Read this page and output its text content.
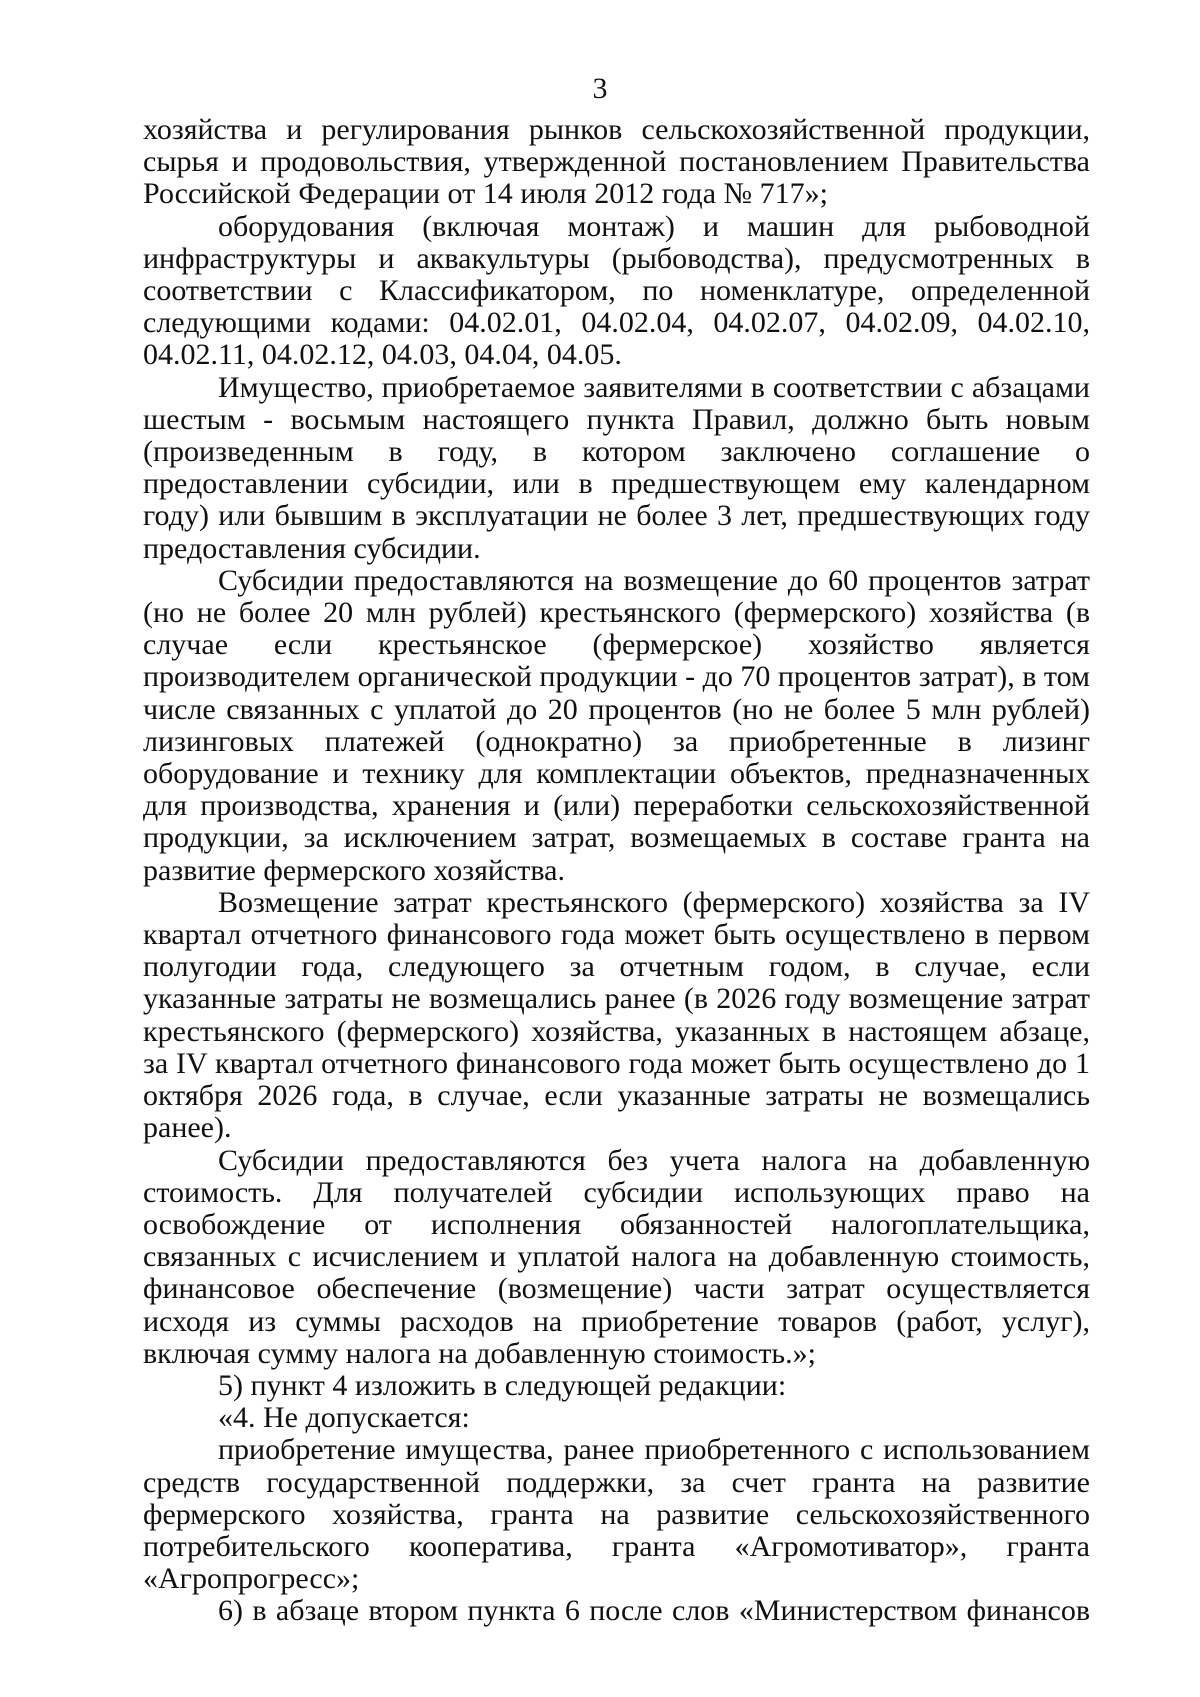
3

хозяйства и регулирования рынков сельскохозяйственной продукции, сырья и продовольствия, утвержденной постановлением Правительства Российской Федерации от 14 июля 2012 года № 717»;

оборудования (включая монтаж) и машин для рыбоводной инфраструктуры и аквакультуры (рыбоводства), предусмотренных в соответствии с Классификатором, по номенклатуре, определенной следующими кодами: 04.02.01, 04.02.04, 04.02.07, 04.02.09, 04.02.10, 04.02.11, 04.02.12, 04.03, 04.04, 04.05.

Имущество, приобретаемое заявителями в соответствии с абзацами шестым - восьмым настоящего пункта Правил, должно быть новым (произведенным в году, в котором заключено соглашение о предоставлении субсидии, или в предшествующем ему календарном году) или бывшим в эксплуатации не более 3 лет, предшествующих году предоставления субсидии.

Субсидии предоставляются на возмещение до 60 процентов затрат (но не более 20 млн рублей) крестьянского (фермерского) хозяйства (в случае если крестьянское (фермерское) хозяйство является производителем органической продукции - до 70 процентов затрат), в том числе связанных с уплатой до 20 процентов (но не более 5 млн рублей) лизинговых платежей (однократно) за приобретенные в лизинг оборудование и технику для комплектации объектов, предназначенных для производства, хранения и (или) переработки сельскохозяйственной продукции, за исключением затрат, возмещаемых в составе гранта на развитие фермерского хозяйства.

Возмещение затрат крестьянского (фермерского) хозяйства за IV квартал отчетного финансового года может быть осуществлено в первом полугодии года, следующего за отчетным годом, в случае, если указанные затраты не возмещались ранее (в 2026 году возмещение затрат крестьянского (фермерского) хозяйства, указанных в настоящем абзаце, за IV квартал отчетного финансового года может быть осуществлено до 1 октября 2026 года, в случае, если указанные затраты не возмещались ранее).

Субсидии предоставляются без учета налога на добавленную стоимость. Для получателей субсидии использующих право на освобождение от исполнения обязанностей налогоплательщика, связанных с исчислением и уплатой налога на добавленную стоимость, финансовое обеспечение (возмещение) части затрат осуществляется исходя из суммы расходов на приобретение товаров (работ, услуг), включая сумму налога на добавленную стоимость.»;

5) пункт 4 изложить в следующей редакции:

«4. Не допускается:

приобретение имущества, ранее приобретенного с использованием средств государственной поддержки, за счет гранта на развитие фермерского хозяйства, гранта на развитие сельскохозяйственного потребительского кооператива, гранта «Агромотиватор», гранта «Агропрогресс»;

6) в абзаце втором пункта 6 после слов «Министерством финансов
